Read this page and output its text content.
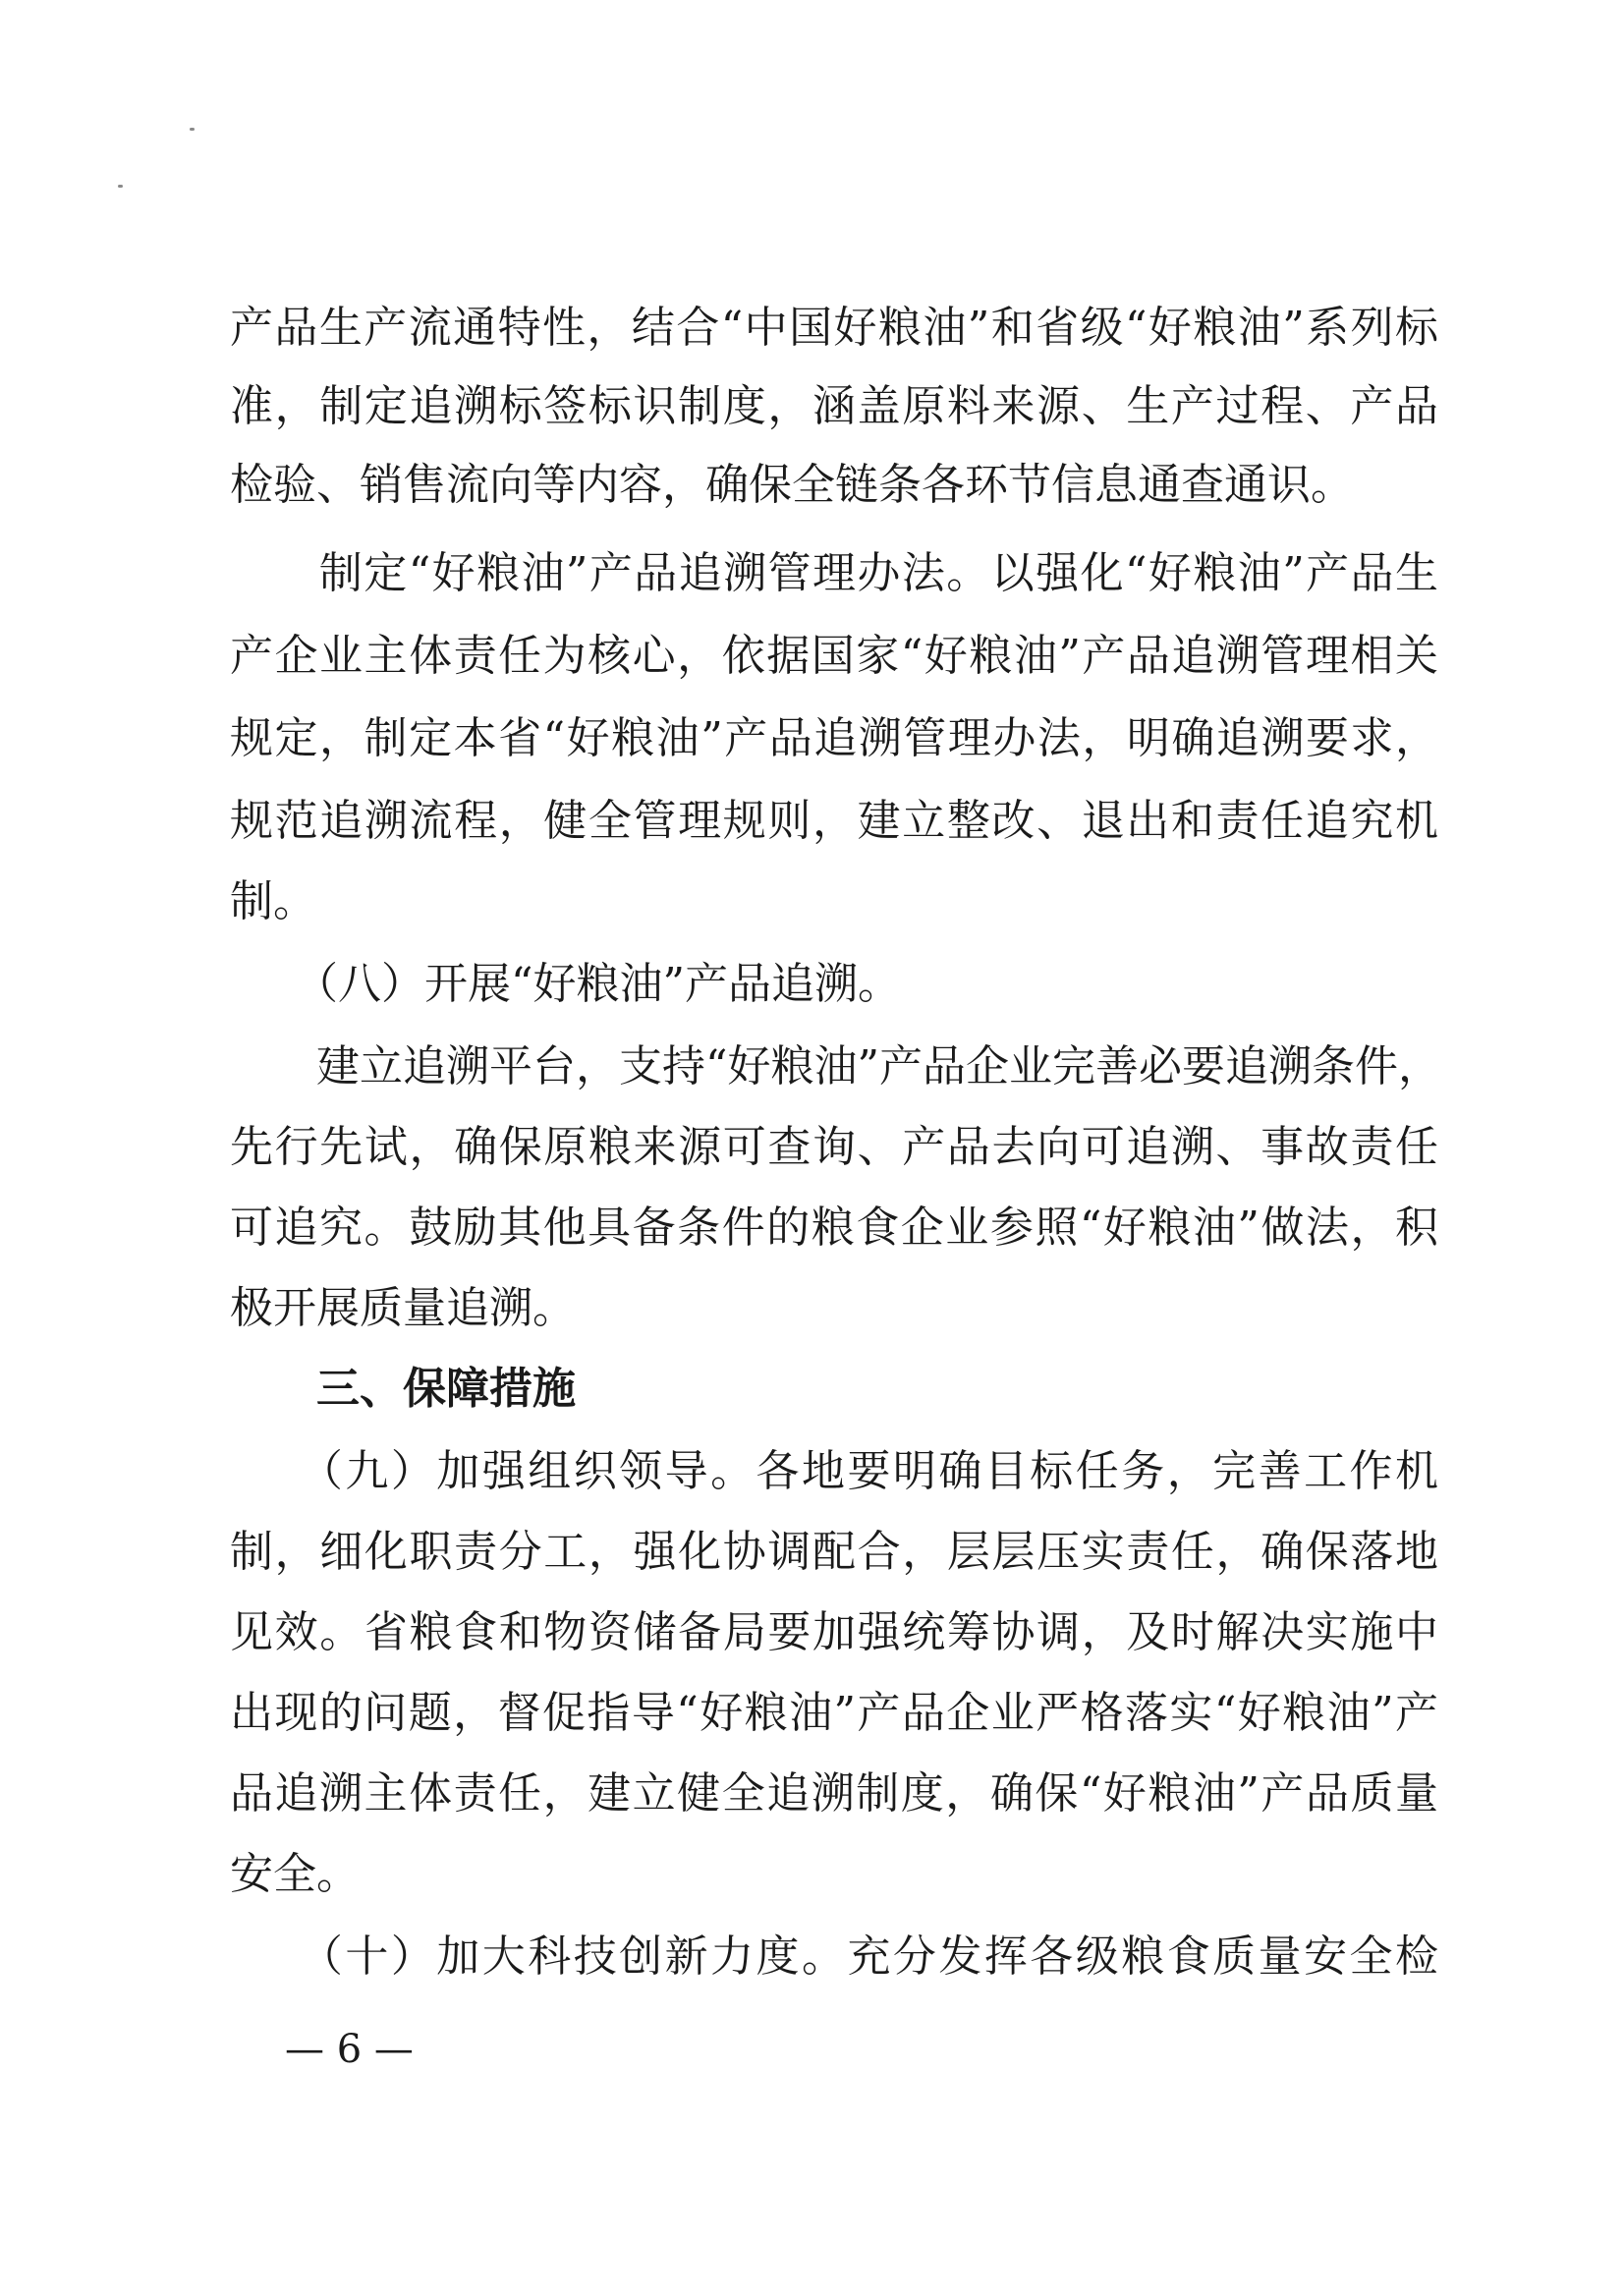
产品生产流通特性，结合“中国好粮油”和省级“好粮油”系列标
准，制定追溯标签标识制度，涵盖原料来源、生产过程、产品
检验、销售流向等内容，确保全链条各环节信息通查通识。
　　制定“好粮油”产品追溯管理办法。以强化“好粮油”产品生
产企业主体责任为核心，依据国家“好粮油”产品追溯管理相关
规定，制定本省“好粮油”产品追溯管理办法，明确追溯要求，
规范追溯流程，健全管理规则，建立整改、退出和责任追究机
制。
　　（八）开展“好粮油”产品追溯。
　　建立追溯平台，支持“好粮油”产品企业完善必要追溯条件，
先行先试，确保原粮来源可查询、产品去向可追溯、事故责任
可追究。鼓励其他具备条件的粮食企业参照“好粮油”做法，积
极开展质量追溯。
　　三、保障措施
　　（九）加强组织领导。各地要明确目标任务，完善工作机
制，细化职责分工，强化协调配合，层层压实责任，确保落地
见效。省粮食和物资储备局要加强统筹协调，及时解决实施中
出现的问题，督促指导“好粮油”产品企业严格落实“好粮油”产
品追溯主体责任，建立健全追溯制度，确保“好粮油”产品质量
安全。
　　（十）加大科技创新力度。充分发挥各级粮食质量安全检
— 6 —
